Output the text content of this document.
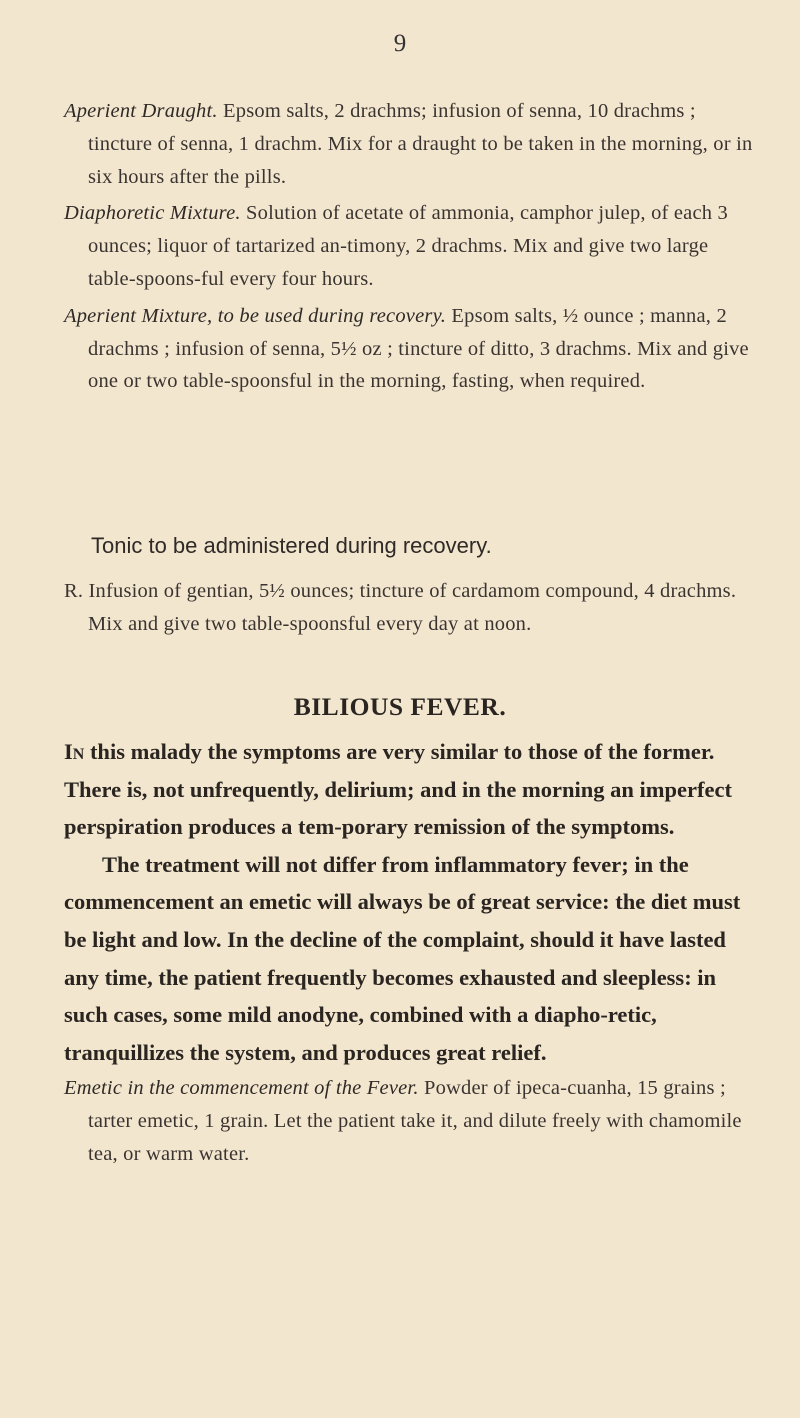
9

Aperient Draught. Epsom salts, 2 drachms; infusion of senna, 10 drachms ; tincture of senna, 1 drachm. Mix for a draught to be taken in the morning, or in six hours after the pills.

Diaphoretic Mixture. Solution of acetate of ammonia, camphor julep, of each 3 ounces; liquor of tartarized an-timony, 2 drachms. Mix and give two large table-spoons-ful every four hours.

Aperient Mixture, to be used during recovery. Epsom salts, ½ ounce ; manna, 2 drachms ; infusion of senna, 5½ oz ; tincture of ditto, 3 drachms. Mix and give one or two table-spoonsful in the morning, fasting, when required.

Tonic to be administered during recovery.

R. Infusion of gentian, 5½ ounces; tincture of cardamom compound, 4 drachms. Mix and give two table-spoonsful every day at noon.

BILIOUS FEVER.

In this malady the symptoms are very similar to those of the former. There is, not unfrequently, delirium; and in the morning an imperfect perspiration produces a tem-porary remission of the symptoms.

The treatment will not differ from inflammatory fever; in the commencement an emetic will always be of great service: the diet must be light and low. In the decline of the complaint, should it have lasted any time, the patient frequently becomes exhausted and sleepless: in such cases, some mild anodyne, combined with a diapho-retic, tranquillizes the system, and produces great relief.

Emetic in the commencement of the Fever. Powder of ipeca-cuanha, 15 grains ; tarter emetic, 1 grain. Let the patient take it, and dilute freely with chamomile tea, or warm water.
